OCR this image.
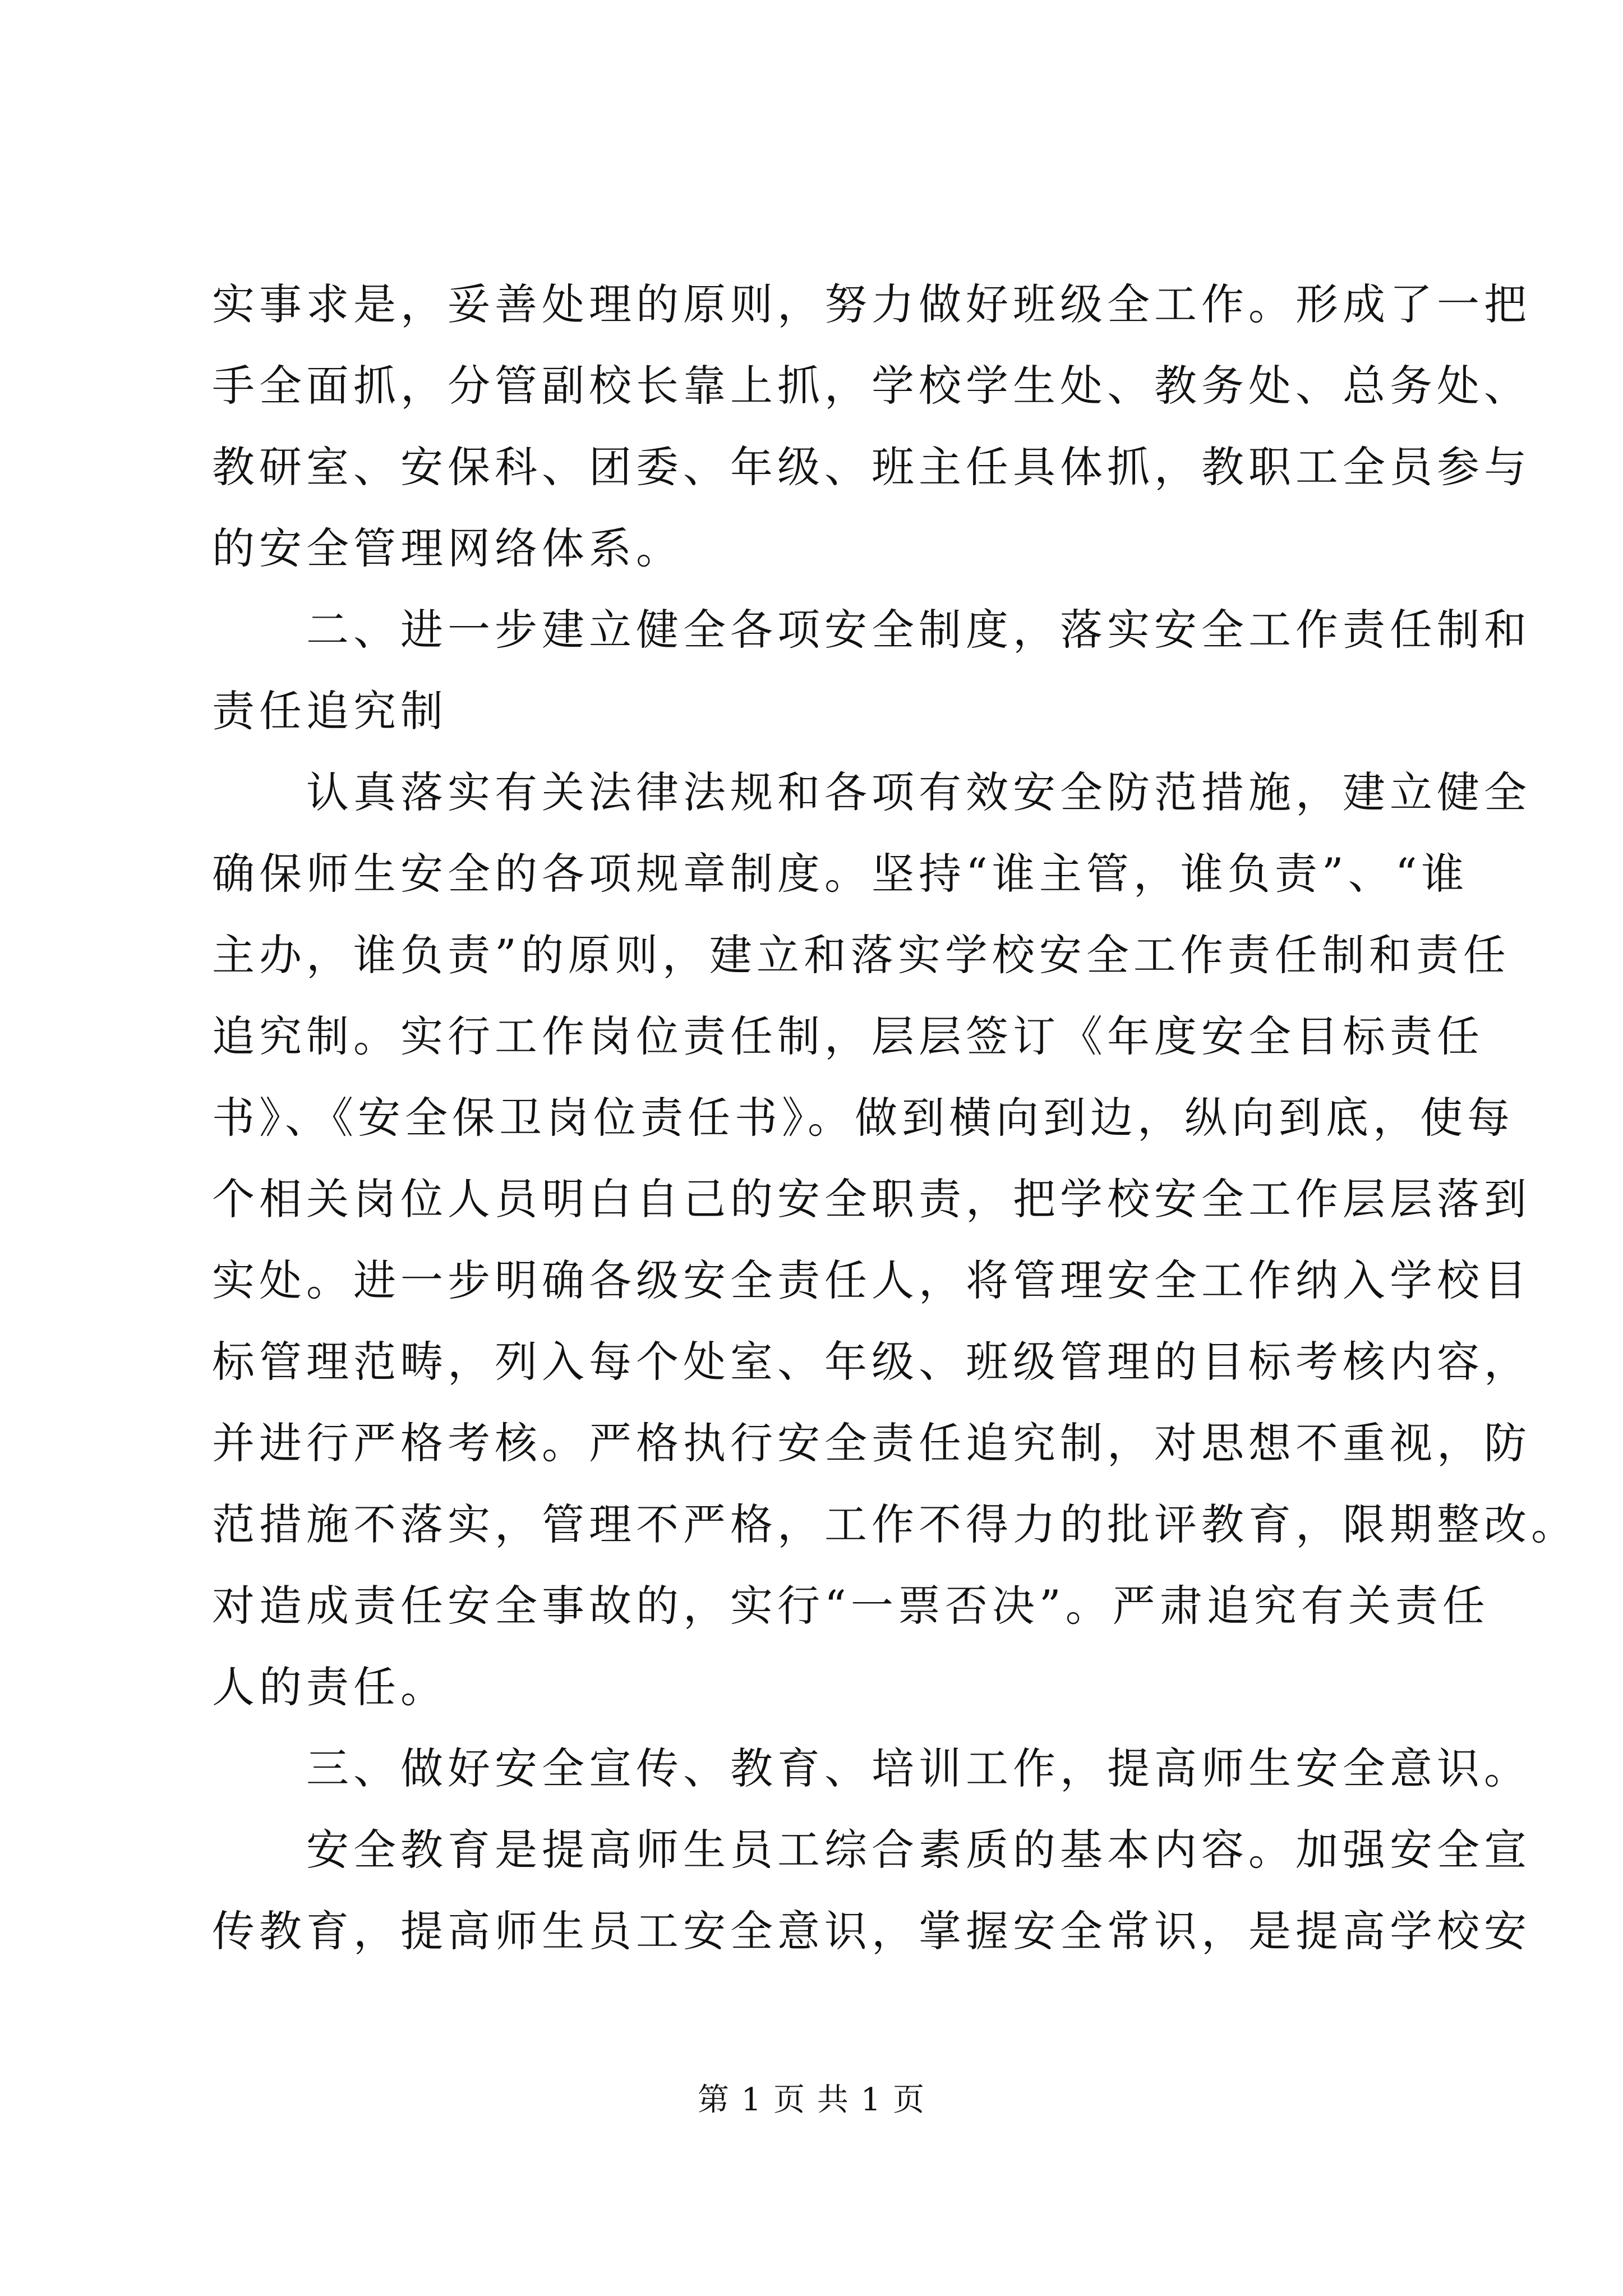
实事求是，妥善处理的原则，努力做好班级全工作。形成了一把
手全面抓，分管副校长靠上抓，学校学生处、教务处、总务处、
教研室、安保科、团委、年级、班主任具体抓，教职工全员参与
的安全管理网络体系。
　　二、进一步建立健全各项安全制度，落实安全工作责任制和
责任追究制
　　认真落实有关法律法规和各项有效安全防范措施，建立健全
确保师生安全的各项规章制度。坚持“谁主管，谁负责”、“谁
主办，谁负责”的原则，建立和落实学校安全工作责任制和责任
追究制。实行工作岗位责任制，层层签订《年度安全目标责任
书》、《安全保卫岗位责任书》。做到横向到边，纵向到底，使每
个相关岗位人员明白自己的安全职责，把学校安全工作层层落到
实处。进一步明确各级安全责任人，将管理安全工作纳入学校目
标管理范畴，列入每个处室、年级、班级管理的目标考核内容，
并进行严格考核。严格执行安全责任追究制，对思想不重视，防
范措施不落实，管理不严格，工作不得力的批评教育，限期整改。
对造成责任安全事故的，实行“一票否决”。严肃追究有关责任
人的责任。
　　三、做好安全宣传、教育、培训工作，提高师生安全意识。
　　安全教育是提高师生员工综合素质的基本内容。加强安全宣
传教育，提高师生员工安全意识，掌握安全常识，是提高学校安
第 1 页 共 1 页
